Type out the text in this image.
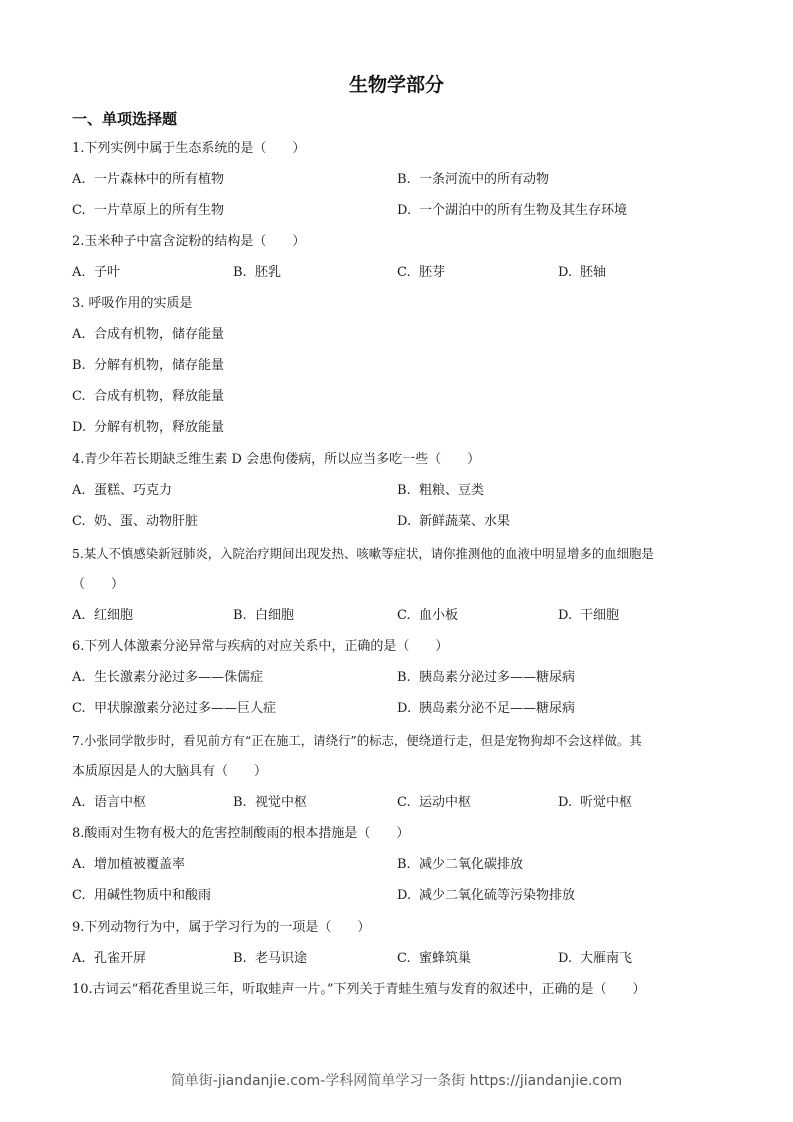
生物学部分
一、单项选择题
1.下列实例中属于生态系统的是（　　）
A. 一片森林中的所有植物	B. 一条河流中的所有动物
C. 一片草原上的所有生物	D. 一个湖泊中的所有生物及其生存环境
2.玉米种子中富含淀粉的结构是（　　）
A. 子叶	B. 胚乳	C. 胚芽	D. 胚轴
3. 呼吸作用的实质是
A. 合成有机物，储存能量
B. 分解有机物，储存能量
C. 合成有机物，释放能量
D. 分解有机物，释放能量
4.青少年若长期缺乏维生素 D 会患佝偻病，所以应当多吃一些（　　）
A. 蛋糕、巧克力	B. 粗粮、豆类
C. 奶、蛋、动物肝脏	D. 新鲜蔬菜、水果
5.某人不慎感染新冠肺炎，入院治疗期间出现发热、咳嗽等症状，请你推测他的血液中明显增多的血细胞是
（　　）
A. 红细胞	B. 白细胞	C. 血小板	D. 干细胞
6.下列人体激素分泌异常与疾病的对应关系中，正确的是（　　）
A. 生长激素分泌过多——侏儒症	B. 胰岛素分泌过多——糖尿病
C. 甲状腺激素分泌过多——巨人症	D. 胰岛素分泌不足——糖尿病
7.小张同学散步时，看见前方有“正在施工，请绕行”的标志，便绕道行走，但是宠物狗却不会这样做。其
本质原因是人的大脑具有（　　）
A. 语言中枢	B. 视觉中枢	C. 运动中枢	D. 听觉中枢
8.酸雨对生物有极大的危害控制酸雨的根本措施是（　　）
A. 增加植被覆盖率	B. 减少二氧化碳排放
C. 用碱性物质中和酸雨	D. 减少二氧化硫等污染物排放
9.下列动物行为中，属于学习行为的一项是（　　）
A. 孔雀开屏	B. 老马识途	C. 蜜蜂筑巢	D. 大雁南飞
10.古词云“稻花香里说三年，听取蛙声一片。”下列关于青蛙生殖与发育的叙述中，正确的是（　　）
简单街-jiandanjie.com-学科网简单学习一条街 https://jiandanjie.com
